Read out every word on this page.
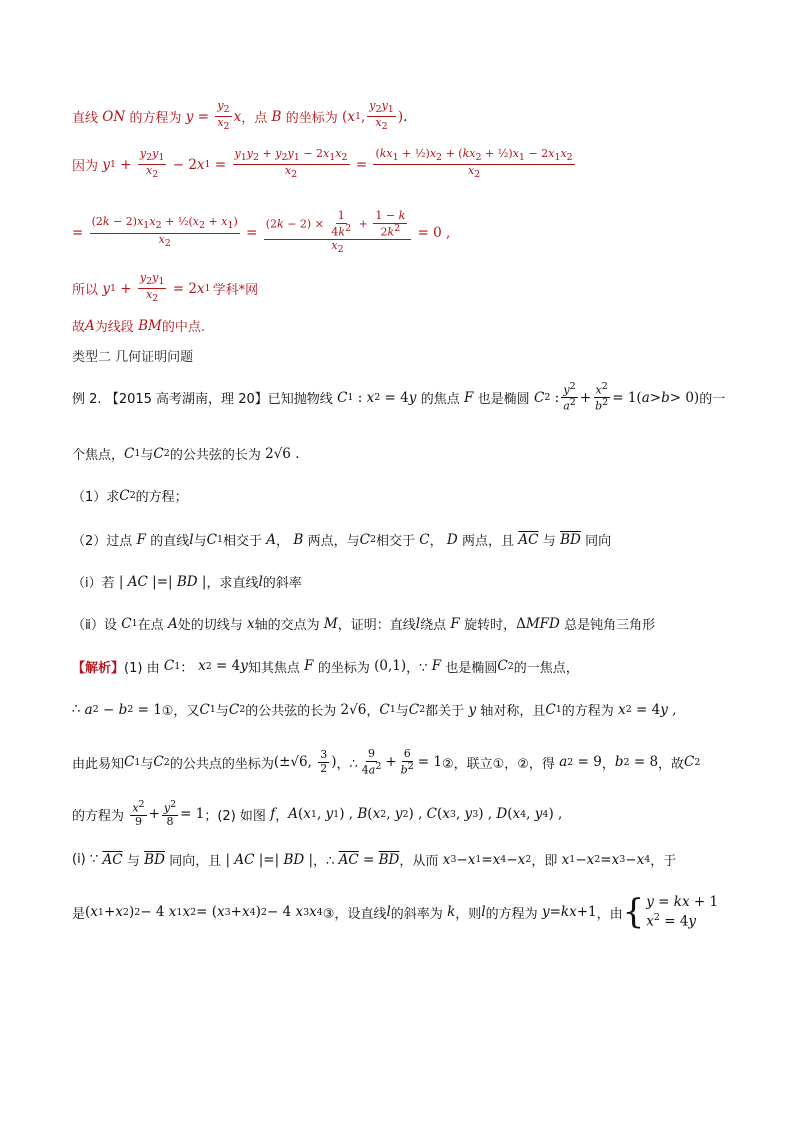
直线 ON 的方程为 $y = \frac{y_2}{x_2}$ x ，点 B 的坐标为 ( x 1 , $\frac{y_2y_1}{x_2}$ ) .
因为
y $1 + \frac{y_2y_1}{x_2} - 2$ x $1 = \frac{y_1y_2 + y_2y_1 - 2x_1x_2}{x_2} = \frac{(kx_1 + \frac{1}{2})x_2 + (kx_2 + \frac{1}{2})x_1 - 2x_1x_2}{x_2}$
= $\frac{(2k - 2)x_1x_2 + \frac{1}{2}(x_2 + x_1)}{x_2} = \frac{(2k - 2) \times \frac{1}{4k^2} + \frac{1 - k}{2k^2}}{x_2} = 0$ ,
所以
y $1 + \frac{y_2y_1}{x_2} = 2$ x 1 学科*网
故 A 为线段 BM 的中点.
类型二 几何证明问题
例 2.
【2015 高考湖南，理 20】 已知抛物线
C 1 : x 2 = 4 y
的焦点 F 也是椭圆
C 2 : $\frac{y^2}{a^2} + \frac{x^2}{b^2} = 1$( a > b > 0) 的一
个焦点， C 1 与 C 2 的公共弦的长为 2√6 .
（1）求 C 2 的方程；
（2）过点 F 的直线 l 与 C 1 相交于 A ， B 两点，与 C 2 相交于 C ， D 两点，且
$\overline{AC}$
与
$\overline{BD}$
同向
（ⅰ）若 | AC |=| BD | ，求直线 l 的斜率
（ⅱ）设
C 1 在点 A 处的切线与 x 轴的交点为 M ，证明：直线 l 绕点 F 旋转时， Δ MFD
总是钝角三角形
【解析】 (1) 由
C 1 ： x 2 = 4 y 知其焦点 F 的坐标为 (0,1) ，∵ F 也是椭圆 C 2 的一焦点，
∴
a 2 − b 2 = 1 ①，又 C 1 与 C 2 的公共弦的长为 2√6 ， C 1 与 C 2 都关于 y 轴对称，且 C 1 的方程为
x 2 = 4 y ,
由此易知 C 1 与 C 2 的公共点的坐标为 (±√6, $\frac{3}{2}$ ) ，∴ $\frac{9}{4a^2} + \frac{6}{b^2} = 1$ ②，联立①，②，得
a 2 = 9 ， b 2 = 8 ，故 C 2
的方程为
$\frac{x^2}{9} + \frac{y^2}{8} = 1$ ；(2) 如图 f ， A ( x 1 , y 1 ) , B ( x 2 , y 2 ) , C ( x 3 , y 3 ) , D ( x 4 , y 4 ) ,
(ⅰ) ∵
$\overline{AC}$
与
$\overline{BD}$
同向，且 | AC |=| BD | ，∴
$\overline{AC} = \overline{BD}$ ，从而
x 3 − x 1 = x 4 − x 2 ，即
x 1 − x 2 = x 3 − x 4 ，于
是 ( x 1 + x 2 ) 2 − 4 x 1 x 2 = ( x 3 + x 4 ) 2 − 4 x 3 x 4 ③，设直线 l 的斜率为 k ，则 l 的方程为
y = kx +1 ，由 { y = kx + 1
$x^2 = 4y$
